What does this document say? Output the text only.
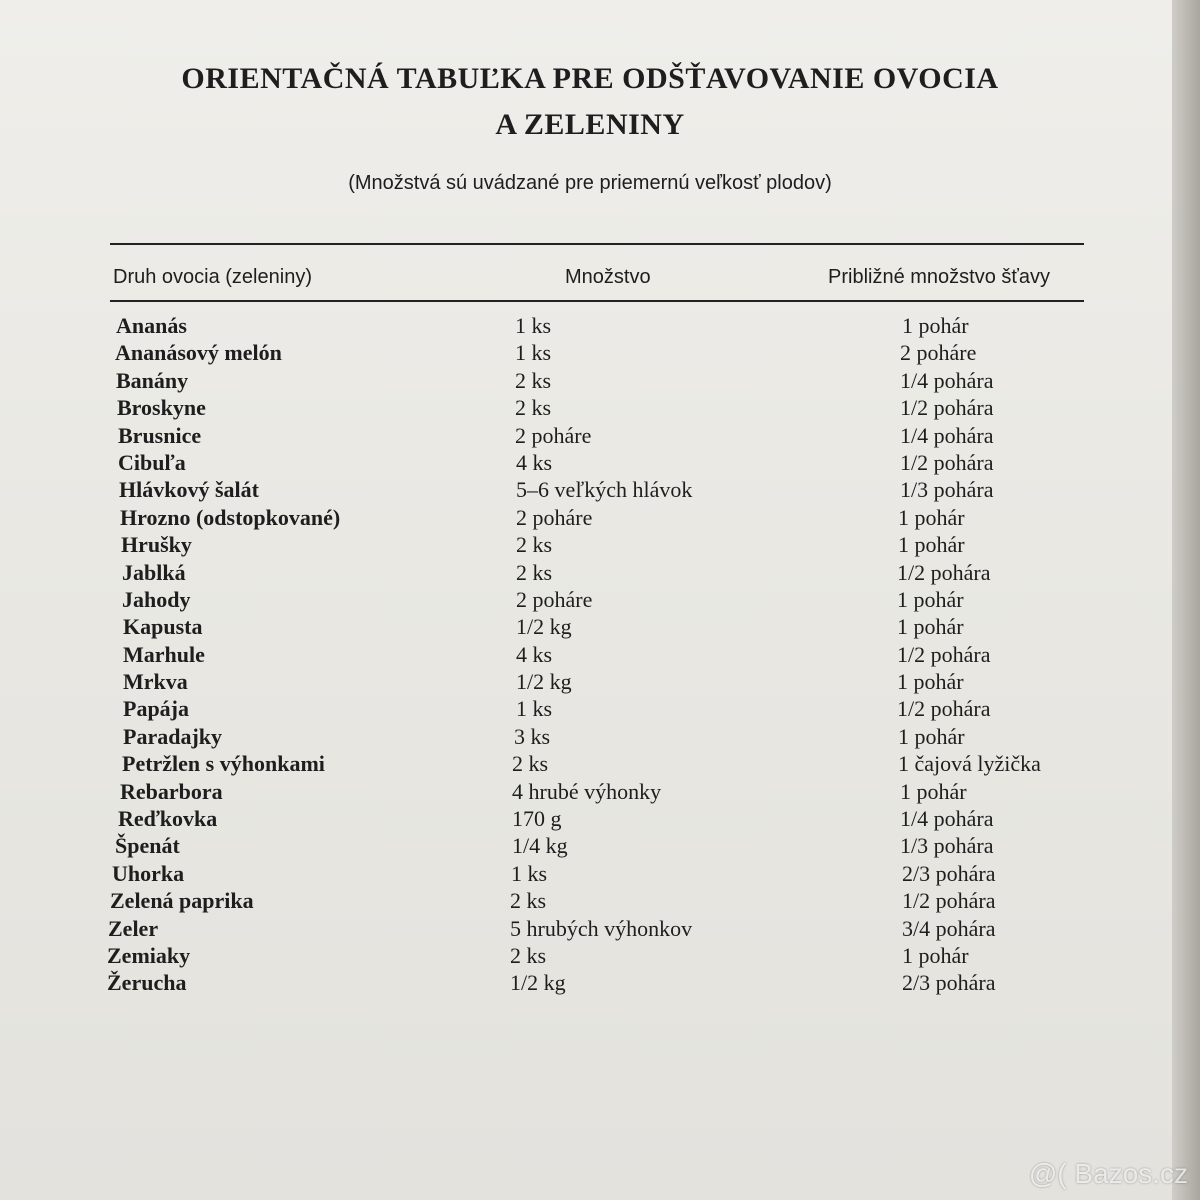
ORIENTAČNÁ TABUĽKA PRE ODŠŤAVOVANIE OVOCIA
A ZELENINY
(Množstvá sú uvádzané pre priemernú veľkosť plodov)
Druh ovocia (zeleniny)	Množstvo	Približné množstvo šťavy
Ananás	1 ks	1 pohár
Ananásový melón	1 ks	2 poháre
Banány	2 ks	1/4 pohára
Broskyne	2 ks	1/2 pohára
Brusnice	2 poháre	1/4 pohára
Cibuľa	4 ks	1/2 pohára
Hlávkový šalát	5–6 veľkých hlávok	1/3 pohára
Hrozno (odstopkované)	2 poháre	1 pohár
Hrušky	2 ks	1 pohár
Jablká	2 ks	1/2 pohára
Jahody	2 poháre	1 pohár
Kapusta	1/2 kg	1 pohár
Marhule	4 ks	1/2 pohára
Mrkva	1/2 kg	1 pohár
Papája	1 ks	1/2 pohára
Paradajky	3 ks	1 pohár
Petržlen s výhonkami	2 ks	1 čajová lyžička
Rebarbora	4 hrubé výhonky	1 pohár
Reďkovka	170 g	1/4 pohára
Špenát	1/4 kg	1/3 pohára
Uhorka	1 ks	2/3 pohára
Zelená paprika	2 ks	1/2 pohára
Zeler	5 hrubých výhonkov	3/4 pohára
Zemiaky	2 ks	1 pohár
Žerucha	1/2 kg	2/3 pohára
@( Bazos.cz
